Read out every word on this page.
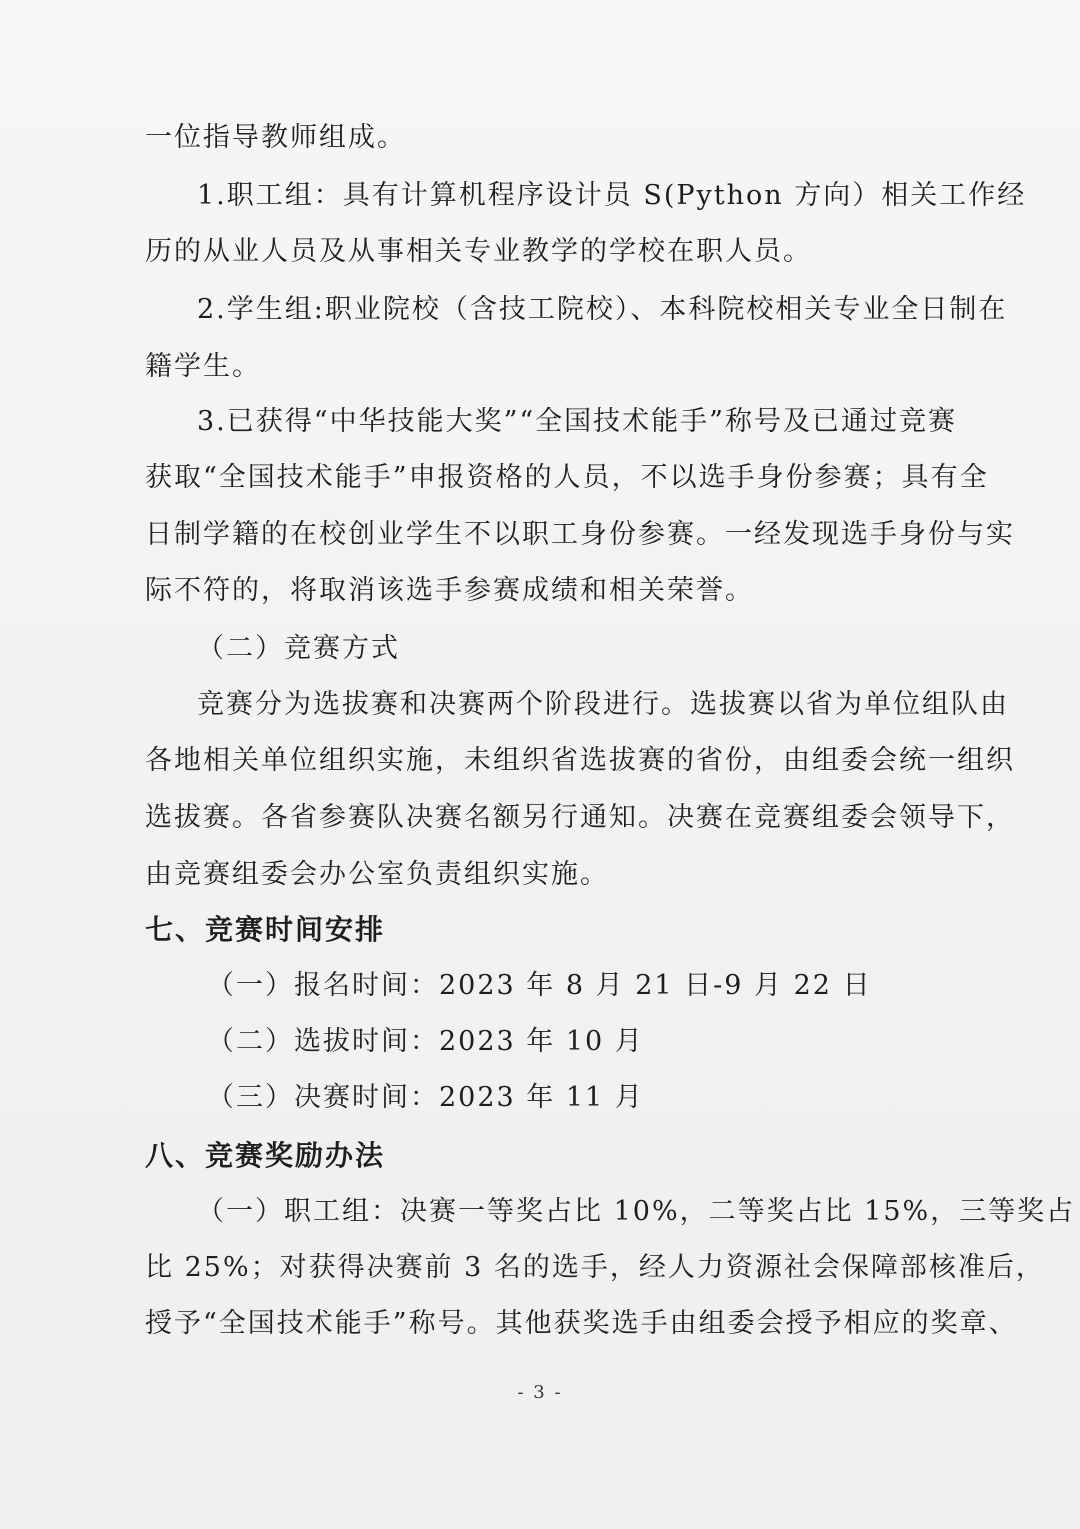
一位指导教师组成。
1.职工组：具有计算机程序设计员 S(Python 方向）相关工作经
历的从业人员及从事相关专业教学的学校在职人员。
2.学生组:职业院校（含技工院校）、本科院校相关专业全日制在
籍学生。
3.已获得“中华技能大奖”“全国技术能手”称号及已通过竞赛
获取“全国技术能手”申报资格的人员，不以选手身份参赛；具有全
日制学籍的在校创业学生不以职工身份参赛。一经发现选手身份与实
际不符的，将取消该选手参赛成绩和相关荣誉。
（二）竞赛方式
竞赛分为选拔赛和决赛两个阶段进行。选拔赛以省为单位组队由
各地相关单位组织实施，未组织省选拔赛的省份，由组委会统一组织
选拔赛。各省参赛队决赛名额另行通知。决赛在竞赛组委会领导下，
由竞赛组委会办公室负责组织实施。
七、竞赛时间安排
（一）报名时间：2023 年 8 月 21 日-9 月 22 日
（二）选拔时间：2023 年 10 月
（三）决赛时间：2023 年 11 月
八、竞赛奖励办法
（一）职工组：决赛一等奖占比 10%，二等奖占比 15%，三等奖占
比 25%；对获得决赛前 3 名的选手，经人力资源社会保障部核准后，
授予“全国技术能手”称号。其他获奖选手由组委会授予相应的奖章、
- 3 -
